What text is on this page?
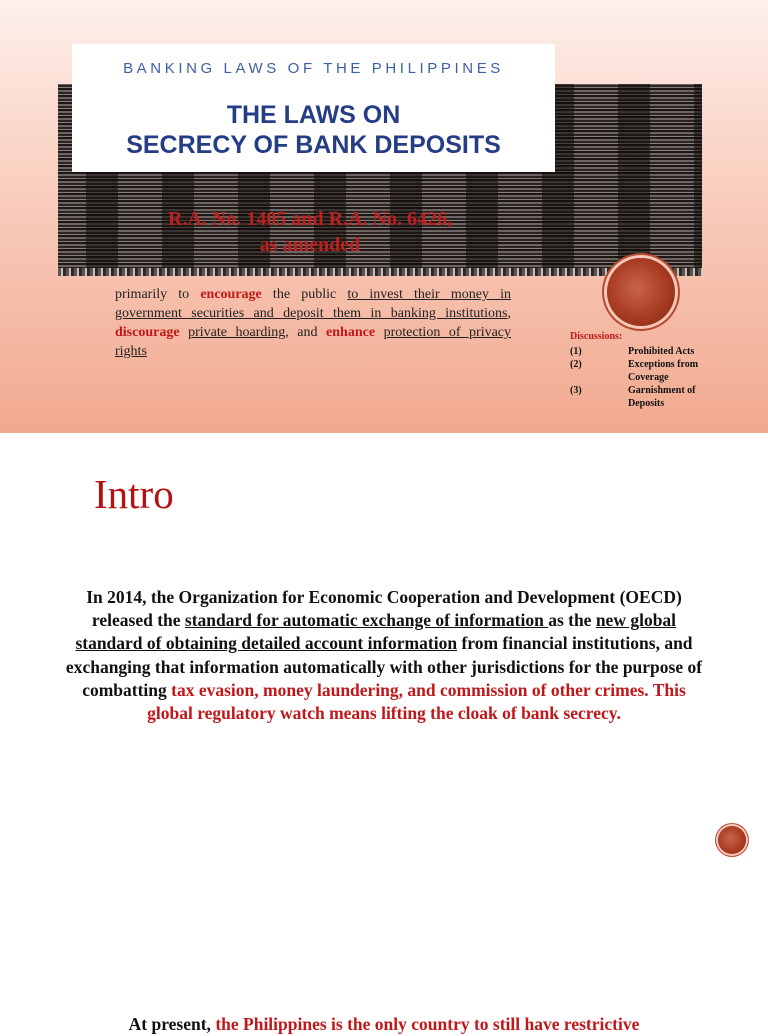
BANKING LAWS OF THE PHILIPPINES
THE LAWS ON
SECRECY OF BANK DEPOSITS
R.A. No. 1405 and R.A. No. 6426,
as amended
primarily to encourage the public to invest their money in government securities and deposit them in banking institutions, discourage private hoarding, and enhance protection of privacy rights
Discussions:
(1)	Prohibited Acts
(2)	Exceptions from Coverage
(3)	Garnishment of Deposits
Intro
In 2014, the Organization for Economic Cooperation and Development (OECD) released the standard for automatic exchange of information as the new global standard of obtaining detailed account information from financial institutions, and exchanging that information automatically with other jurisdictions for the purpose of combatting tax evasion, money laundering, and commission of other crimes. This global regulatory watch means lifting the cloak of bank secrecy.
At present, the Philippines is the only country to still have restrictive
